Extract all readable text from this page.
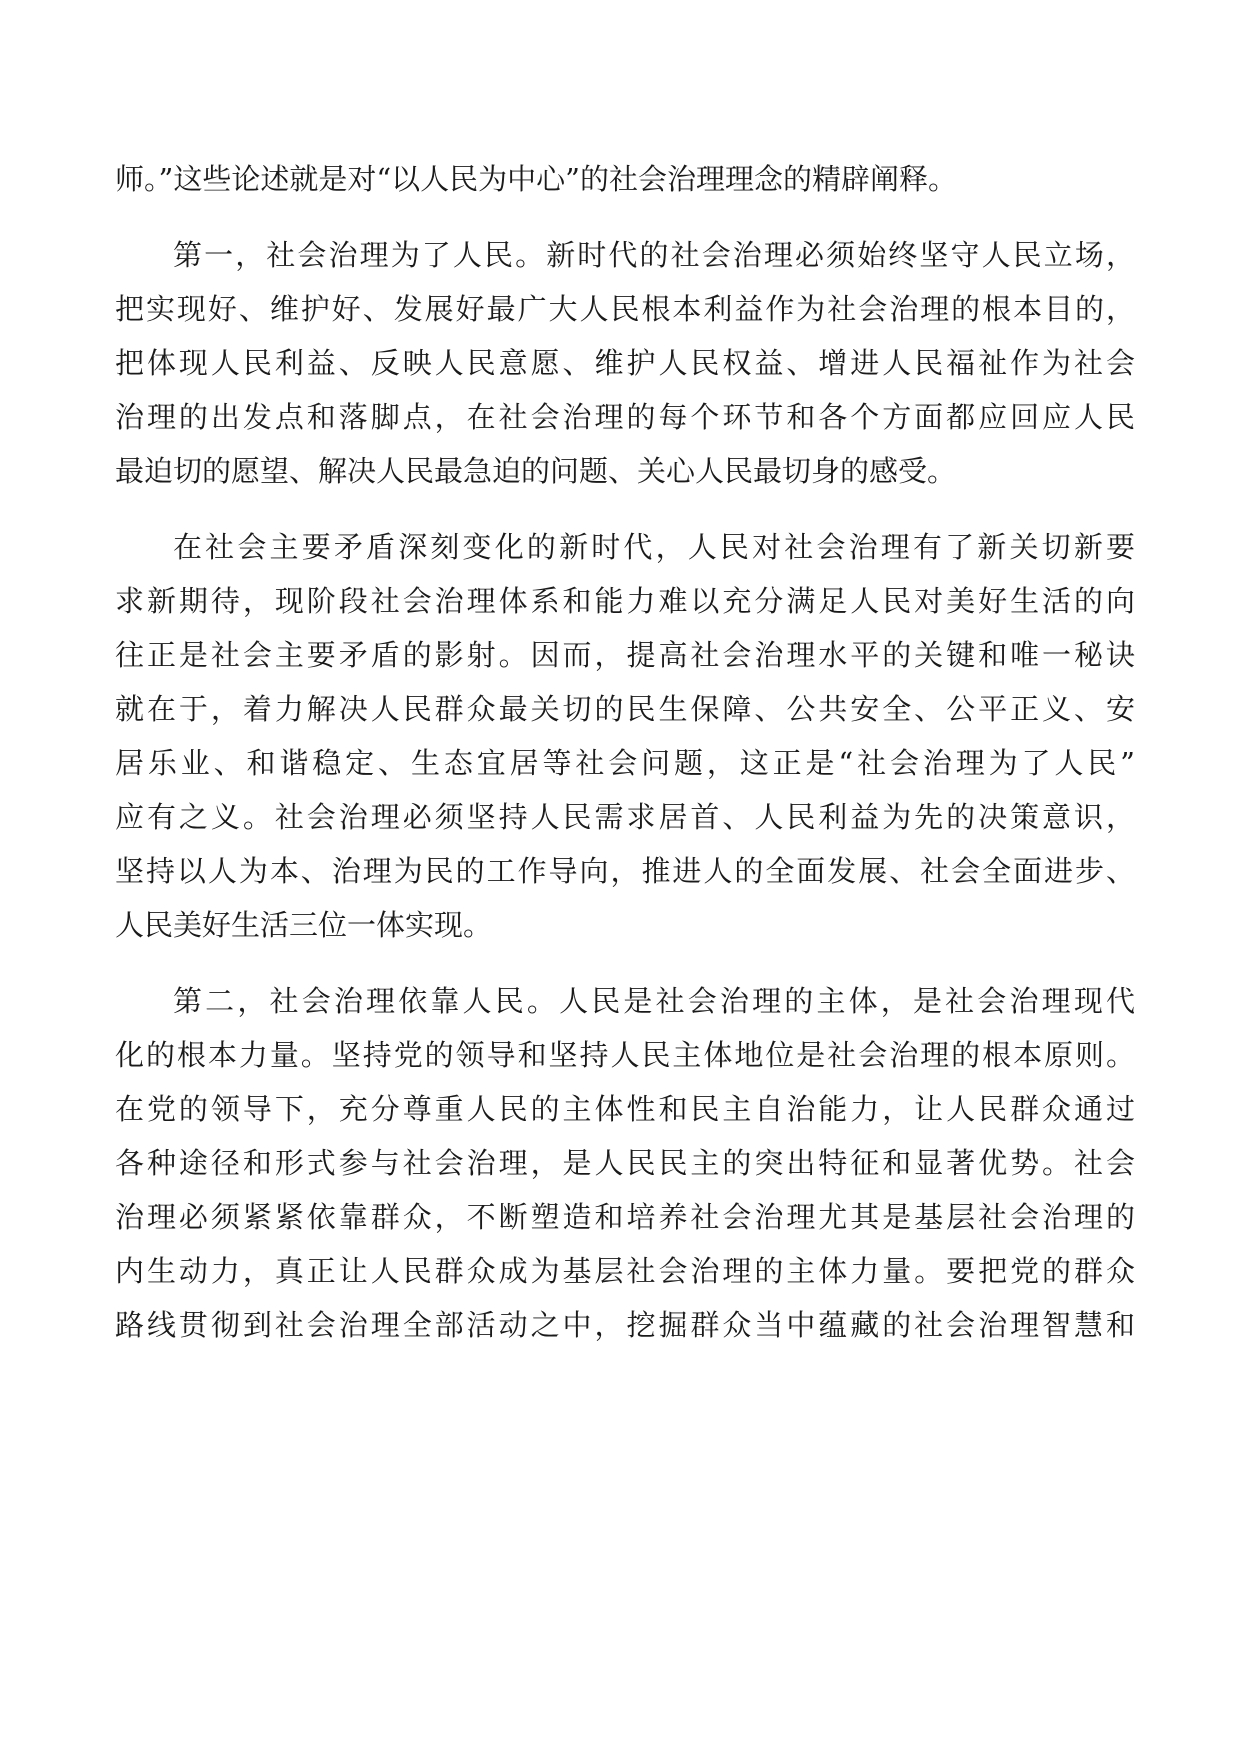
师。”这些论述就是对“以人民为中心”的社会治理理念的精辟阐释。
第一，社会治理为了人民。新时代的社会治理必须始终坚守人民立场，
把实现好、维护好、发展好最广大人民根本利益作为社会治理的根本目的，
把体现人民利益、反映人民意愿、维护人民权益、增进人民福祉作为社会
治理的出发点和落脚点，在社会治理的每个环节和各个方面都应回应人民
最迫切的愿望、解决人民最急迫的问题、关心人民最切身的感受。
在社会主要矛盾深刻变化的新时代，人民对社会治理有了新关切新要
求新期待，现阶段社会治理体系和能力难以充分满足人民对美好生活的向
往正是社会主要矛盾的影射。因而，提高社会治理水平的关键和唯一秘诀
就在于，着力解决人民群众最关切的民生保障、公共安全、公平正义、安
居乐业、和谐稳定、生态宜居等社会问题，这正是“社会治理为了人民”
应有之义。社会治理必须坚持人民需求居首、人民利益为先的决策意识，
坚持以人为本、治理为民的工作导向，推进人的全面发展、社会全面进步、
人民美好生活三位一体实现。
第二，社会治理依靠人民。人民是社会治理的主体，是社会治理现代
化的根本力量。坚持党的领导和坚持人民主体地位是社会治理的根本原则。
在党的领导下，充分尊重人民的主体性和民主自治能力，让人民群众通过
各种途径和形式参与社会治理，是人民民主的突出特征和显著优势。社会
治理必须紧紧依靠群众，不断塑造和培养社会治理尤其是基层社会治理的
内生动力，真正让人民群众成为基层社会治理的主体力量。要把党的群众
路线贯彻到社会治理全部活动之中，挖掘群众当中蕴藏的社会治理智慧和
